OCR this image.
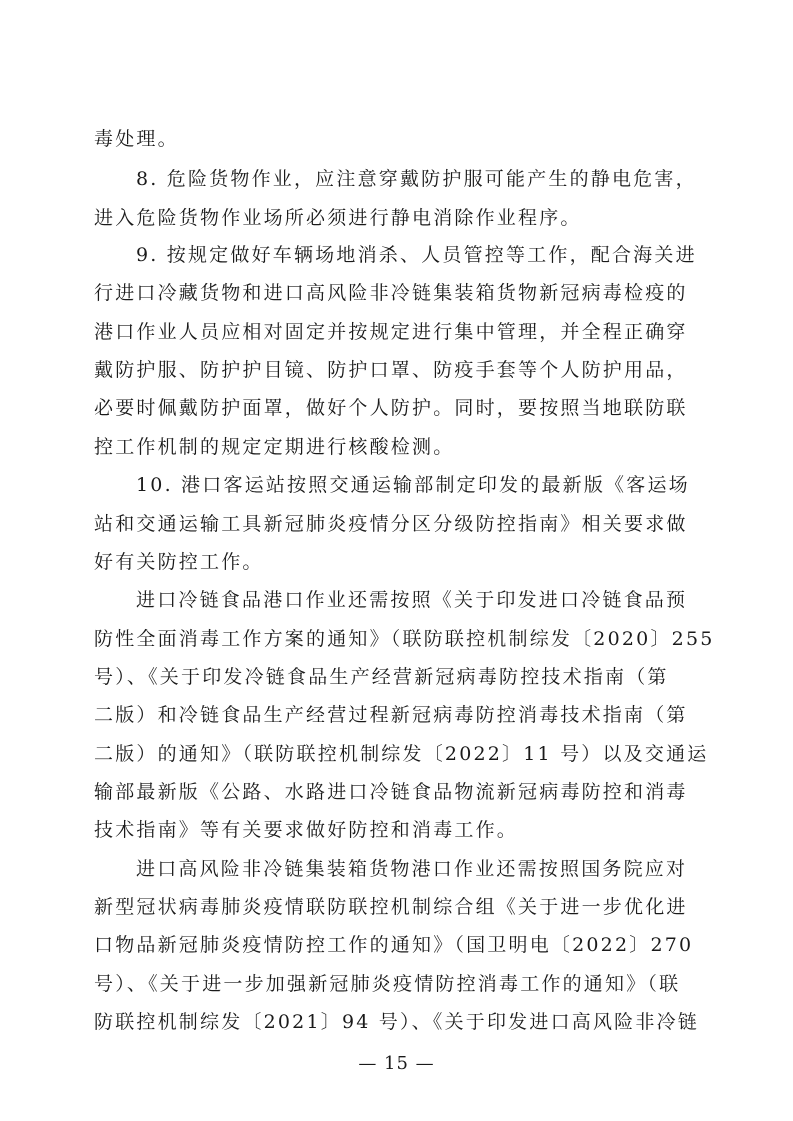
毒处理。
8. 危险货物作业，应注意穿戴防护服可能产生的静电危害，
进入危险货物作业场所必须进行静电消除作业程序。
9. 按规定做好车辆场地消杀、人员管控等工作，配合海关进
行进口冷藏货物和进口高风险非冷链集装箱货物新冠病毒检疫的
港口作业人员应相对固定并按规定进行集中管理，并全程正确穿
戴防护服、防护护目镜、防护口罩、防疫手套等个人防护用品，
必要时佩戴防护面罩，做好个人防护。同时，要按照当地联防联
控工作机制的规定定期进行核酸检测。
10. 港口客运站按照交通运输部制定印发的最新版《客运场
站和交通运输工具新冠肺炎疫情分区分级防控指南》相关要求做
好有关防控工作。
进口冷链食品港口作业还需按照《关于印发进口冷链食品预
防性全面消毒工作方案的通知》（联防联控机制综发〔2020〕255
号）、《关于印发冷链食品生产经营新冠病毒防控技术指南（第
二版）和冷链食品生产经营过程新冠病毒防控消毒技术指南（第
二版）的通知》（联防联控机制综发〔2022〕11 号）以及交通运
输部最新版《公路、水路进口冷链食品物流新冠病毒防控和消毒
技术指南》等有关要求做好防控和消毒工作。
进口高风险非冷链集装箱货物港口作业还需按照国务院应对
新型冠状病毒肺炎疫情联防联控机制综合组《关于进一步优化进
口物品新冠肺炎疫情防控工作的通知》（国卫明电〔2022〕270
号）、《关于进一步加强新冠肺炎疫情防控消毒工作的通知》（联
防联控机制综发〔2021〕94 号）、《关于印发进口高风险非冷链
— 15 —
